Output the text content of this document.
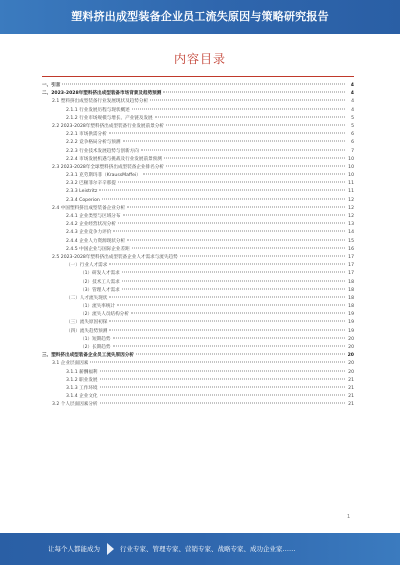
塑料挤出成型装备企业员工流失原因与策略研究报告
内容目录
一、引言	4
二、2023-2028年塑料挤出成型装备市场背景及趋势预测	4
2.1 塑料挤出成型装备行业发展现状及趋势分析	4
2.1.1 行业发展历程与现状概述	4
2.1.2 行业市场规模与增长、产业链及发展	5
2.2 2023-2028年塑料挤出成型装备行业发展前景分析	5
2.2.1 市场供需分析	6
2.2.2 竞争格局分析与预测	6
2.2.3 行业技术发展趋势与创新方向	7
2.2.4 市场发展机遇与挑战及行业发展前景预测	10
2.3 2023-2028年全球塑料挤出成型装备企业排名分析	10
2.3.1 克劳斯玛菲（KraussMaffei）	10
2.3.2 巴顿菲尔辛辛那提	11
2.3.3 Leistritz	11
2.3.4 Coperion	12
2.4 中国塑料挤出成型装备企业分析	12
2.4.1 企业类型与区域分布	12
2.4.2 企业经营状况分析	13
2.4.3 企业竞争力评价	14
2.4.4 企业人力资源现状分析	15
2.4.5 中国企业与国际企业差距	16
2.5 2023-2028年塑料挤出成型装备企业人才需求与流失趋势	17
（一）行业人才需求	17
（1）研发人才需求	17
（2）技术工人需求	18
（3）管理人才需求	18
（二）人才流失现状	18
（1）流失率统计	18
（2）流失人员结构分析	19
（三）流失原因初探	19
（四）流失趋势预测	19
（1）短期趋势	20
（2）长期趋势	20
三、塑料挤出成型装备企业员工流失原因分析	20
3.1 企业层面因素	20
3.1.1 薪酬福利	20
3.1.2 职业发展	21
3.1.3 工作环境	21
3.1.4 企业文化	21
3.2 个人层面因素分析	21
1
让每个人都能成为	行业专家、管理专家、营销专家、战略专家、成功企业家……
